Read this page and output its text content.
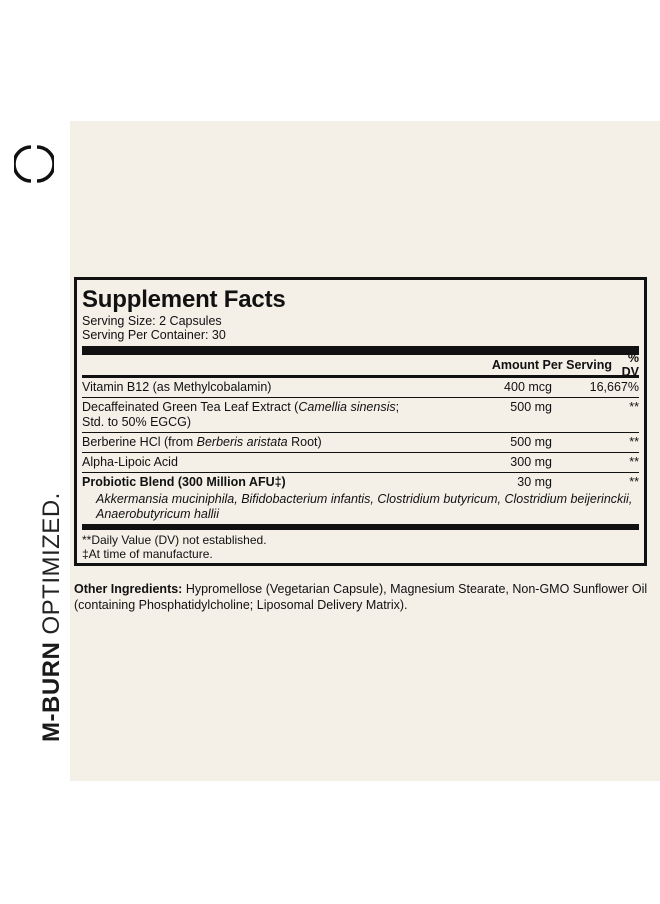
M-BURN OPTIMIZED.
Supplement Facts
Serving Size: 2 Capsules
Serving Per Container: 30
Amount Per Serving	% DV
Vitamin B12 (as Methylcobalamin)	400 mcg	16,667%
Decaffeinated Green Tea Leaf Extract (Camellia sinensis;
Std. to 50% EGCG)
500 mg	**
Berberine HCl (from Berberis aristata Root)	500 mg	**
Alpha-Lipoic Acid	300 mg	**
Probiotic Blend (300 Million AFU‡)	30 mg	**
Akkermansia muciniphila, Bifidobacterium infantis, Clostridium butyricum, Clostridium beijerinckii, Anaerobutyricum hallii
**Daily Value (DV) not established.
‡At time of manufacture.
Other Ingredients: Hypromellose (Vegetarian Capsule), Magnesium Stearate, Non-GMO Sunflower Oil (containing Phosphatidylcholine; Liposomal Delivery Matrix).
